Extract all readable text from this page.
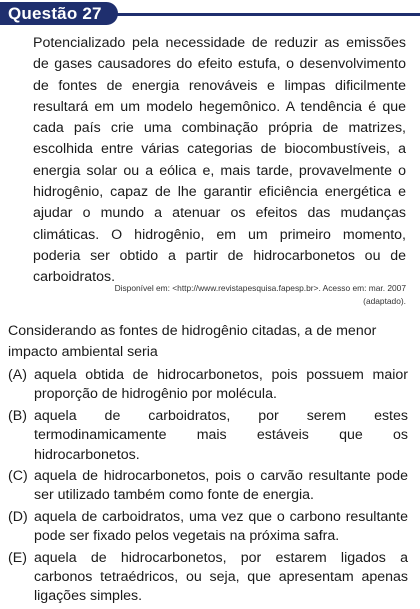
Questão 27

Potencializado pela necessidade de reduzir as emissões de gases causadores do efeito estufa, o desenvolvimento de fontes de energia renováveis e limpas dificilmente resultará em um modelo hegemônico. A tendência é que cada país crie uma combinação própria de matrizes, escolhida entre várias categorias de biocombustíveis, a energia solar ou a eólica e, mais tarde, provavelmente o hidrogênio, capaz de lhe garantir eficiência energética e ajudar o mundo a atenuar os efeitos das mudanças climáticas. O hidrogênio, em um primeiro momento, poderia ser obtido a partir de hidrocarbonetos ou de carboidratos.

Disponível em: <http://www.revistapesquisa.fapesp.br>. Acesso em: mar. 2007
(adaptado).

Considerando as fontes de hidrogênio citadas, a de menor impacto ambiental seria

(A) aquela obtida de hidrocarbonetos, pois possuem maior proporção de hidrogênio por molécula.
(B) aquela de carboidratos, por serem estes termodinamicamente mais estáveis que os hidrocarbonetos.
(C) aquela de hidrocarbonetos, pois o carvão resultante pode ser utilizado também como fonte de energia.
(D) aquela de carboidratos, uma vez que o carbono resultante pode ser fixado pelos vegetais na próxima safra.
(E) aquela de hidrocarbonetos, por estarem ligados a carbonos tetraédricos, ou seja, que apresentam apenas ligações simples.
